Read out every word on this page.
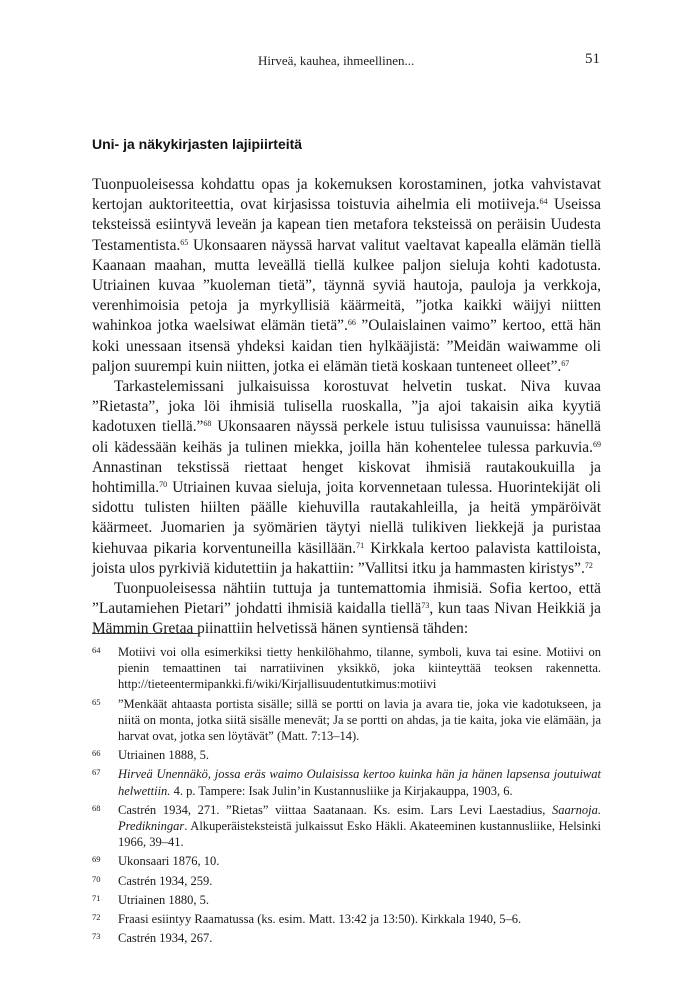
Hirveä, kauhea, ihmeellinen...	51
Uni- ja näkykirjasten lajipiirteitä

Tuonpuoleisessa kohdattu opas ja kokemuksen korostaminen, jotka vahvistavat kertojan auktoriteettia, ovat kirjasissa toistuvia aihelmia eli motiiveja.$^{64}$ Useissa teksteissä esiintyvä leveän ja kapean tien metafora teksteissä on peräisin Uudesta Testamentista.$^{65}$ Ukonsaaren näyssä harvat valitut vaeltavat kapealla elämän tiellä Kaanaan maahan, mutta leveällä tiellä kulkee paljon sieluja kohti kadotusta. Utriainen kuvaa ”kuoleman tietä”, täynnä syviä hautoja, pauloja ja verkkoja, verenhimoisia petoja ja myrkyllisiä käärmeitä, ”jotka kaikki wäijyi niitten wahinkoa jotka waelsiwat elämän tietä”.$^{66}$ ”Oulaislainen vaimo” kertoo, että hän koki unessaan itsensä yhdeksi kaidan tien hylkääjistä: ”Meidän waiwamme oli paljon suurempi kuin niitten, jotka ei elämän tietä koskaan tunteneet olleet”.$^{67}$

Tarkastelemissani julkaisuissa korostuvat helvetin tuskat. Niva kuvaa ”Rietasta”, joka löi ihmisiä tulisella ruoskalla, ”ja ajoi takaisin aika kyytiä kadotuxen tiellä.”$^{68}$ Ukonsaaren näyssä perkele istuu tulisissa vaunuissa: hänellä oli kädessään keihäs ja tulinen miekka, joilla hän kohentelee tulessa parkuvia.$^{69}$ Annastinan tekstissä riettaat henget kiskovat ihmisiä rautakoukuilla ja hohtimilla.$^{70}$ Utriainen kuvaa sieluja, joita korvennetaan tulessa. Huorintekijät oli sidottu tulisten hiilten päälle kiehuvilla rautakahleilla, ja heitä ympäröivät käärmeet. Juomarien ja syömärien täytyi niellä tulikiven liekkejä ja puristaa kiehuvaa pikaria korventuneilla käsillään.$^{71}$ Kirkkala kertoo palavista kattiloista, joista ulos pyrkiviä kidutettiin ja hakattiin: ”Vallitsi itku ja hammasten kiristys”.$^{72}$

Tuonpuoleisessa nähtiin tuttuja ja tuntemattomia ihmisiä. Sofia kertoo, että ”Lautamiehen Pietari” johdatti ihmisiä kaidalla tiellä$^{73}$, kun taas Nivan Heikkiä ja Mämmin Gretaa piinattiin helvetissä hänen syntiensä tähden:

64	Motiivi voi olla esimerkiksi tietty henkilöhahmo, tilanne, symboli, kuva tai esine. Motiivi on pienin temaattinen tai narratiivinen yksikkö, joka kiinteyttää teoksen rakennetta. http://tieteentermipankki.fi/wiki/Kirjallisuudentutkimus:motiivi
65	”Menkäät ahtaasta portista sisälle; sillä se portti on lavia ja avara tie, joka vie kadotukseen, ja niitä on monta, jotka siitä sisälle menevät; Ja se portti on ahdas, ja tie kaita, joka vie elämään, ja harvat ovat, jotka sen löytävät” (Matt. 7:13–14).
66	Utriainen 1888, 5.
67	Hirveä Unennäkö, jossa eräs waimo Oulaisissa kertoo kuinka hän ja hänen lapsensa joutuiwat helwettiin. 4. p. Tampere: Isak Julin’in Kustannusliike ja Kirjakauppa, 1903, 6.
68	Castrén 1934, 271. ”Rietas” viittaa Saatanaan. Ks. esim. Lars Levi Laestadius, Saarnoja. Predikningar. Alkuperäisteksteistä julkaissut Esko Häkli. Akateeminen kustannusliike, Helsinki 1966, 39–41.
69	Ukonsaari 1876, 10.
70	Castrén 1934, 259.
71	Utriainen 1880, 5.
72	Fraasi esiintyy Raamatussa (ks. esim. Matt. 13:42 ja 13:50). Kirkkala 1940, 5–6.
73	Castrén 1934, 267.
